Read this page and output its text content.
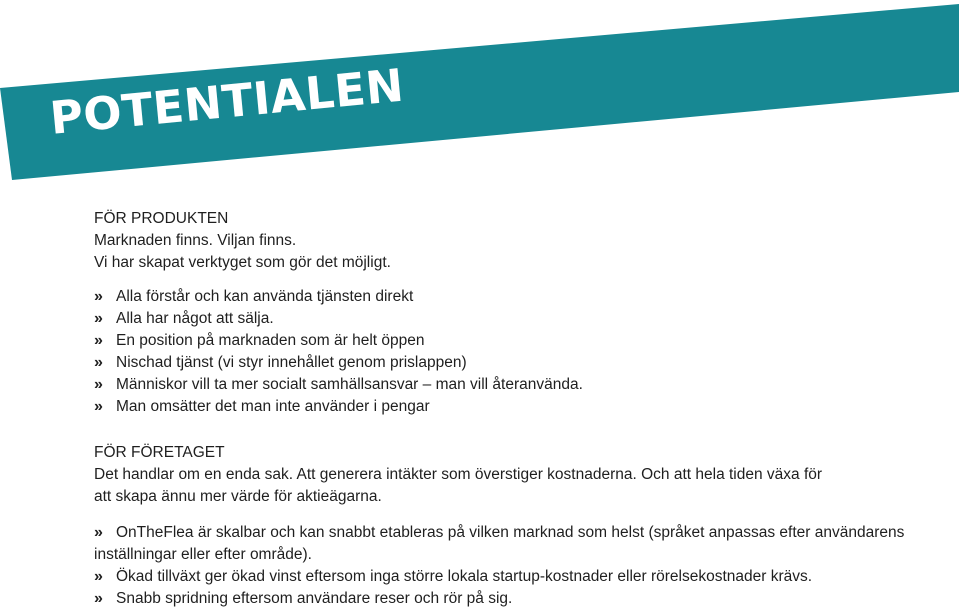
POTENTIALEN
FÖR PRODUKTEN
Marknaden finns. Viljan finns.
Vi har skapat verktyget som gör det möjligt.
» Alla förstår och kan använda tjänsten direkt
» Alla har något att sälja.
» En position på marknaden som är helt öppen
» Nischad tjänst (vi styr innehållet genom prislappen)
» Människor vill ta mer socialt samhällsansvar – man vill återanvända.
» Man omsätter det man inte använder i pengar
FÖR FÖRETAGET
Det handlar om en enda sak. Att generera intäkter som överstiger kostnaderna. Och att hela tiden växa för att skapa ännu mer värde för aktieägarna.
» OnTheFlea är skalbar och kan snabbt etableras på vilken marknad som helst (språket anpassas efter användarens inställningar eller efter område).
» Ökad tillväxt ger ökad vinst eftersom inga större lokala startup-kostnader eller rörelsekostnader krävs.
» Snabb spridning eftersom användare reser och rör på sig.
